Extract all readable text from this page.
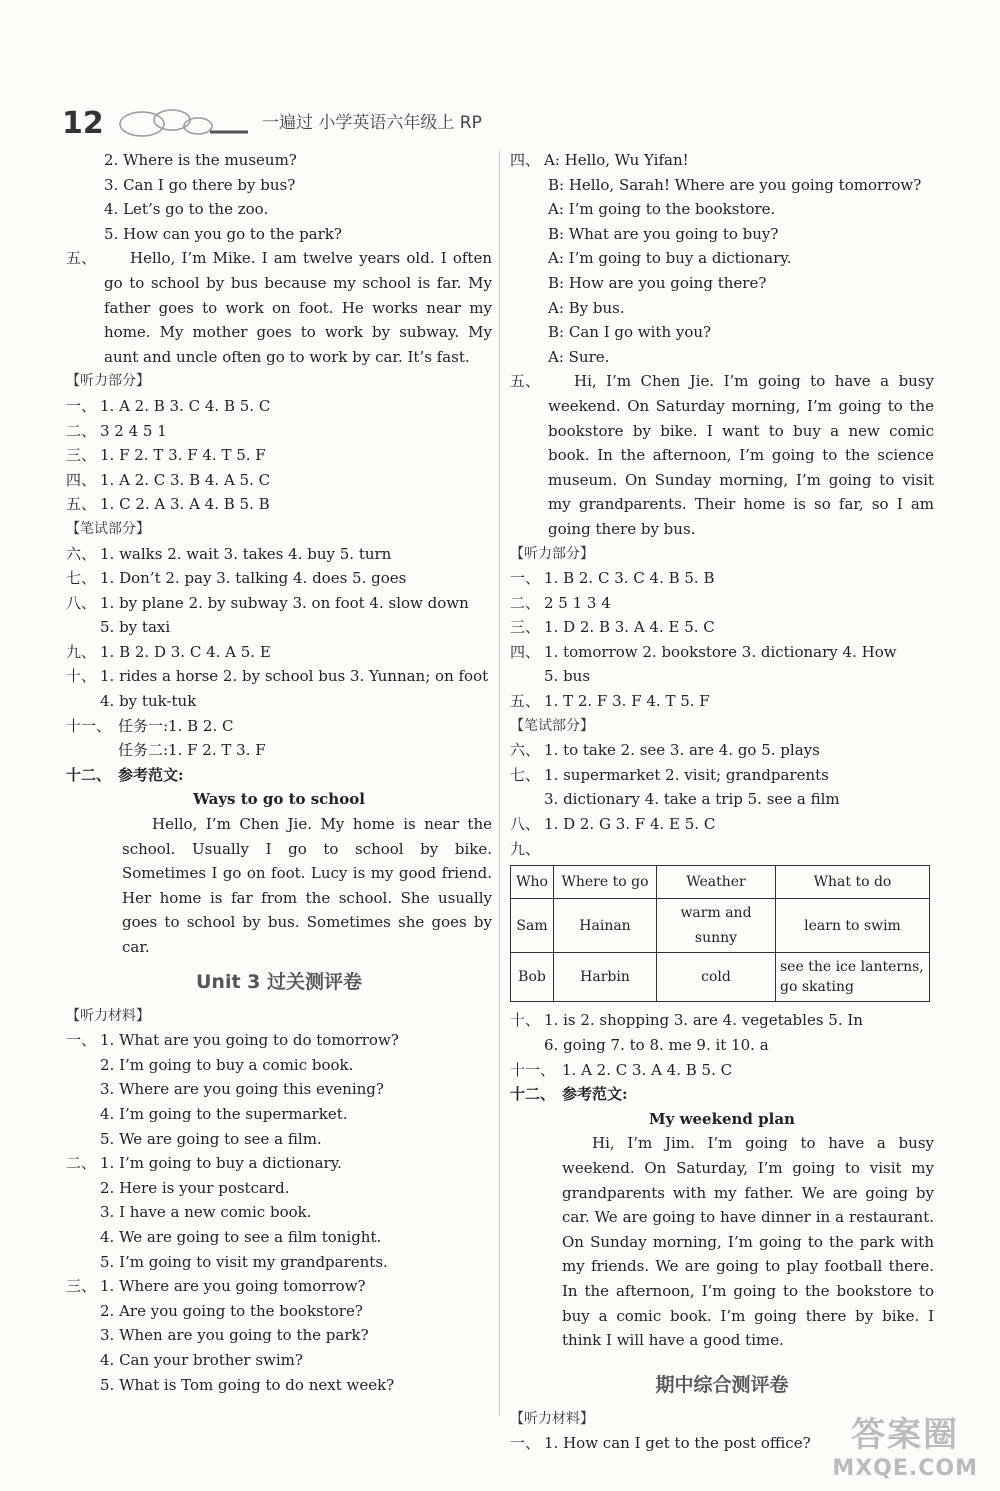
12	一遍过 小学英语六年级上 RP
2. Where is the museum?
3. Can I go there by bus?
4. Let’s go to the zoo.
5. How can you go to the park?
五、	Hello, I’m Mike. I am twelve years old. I often go to school by bus because my school is far. My father goes to work on foot. He works near my home. My mother goes to work by subway. My aunt and uncle often go to work by car. It’s fast.
【听力部分】
一、 1. A 2. B 3. C 4. B 5. C
二、 3 2 4 5 1
三、 1. F 2. T 3. F 4. T 5. F
四、 1. A 2. C 3. B 4. A 5. C
五、 1. C 2. A 3. A 4. B 5. B
【笔试部分】
六、 1. walks 2. wait 3. takes 4. buy 5. turn
七、 1. Don’t 2. pay 3. talking 4. does 5. goes
八、 1. by plane 2. by subway 3. on foot 4. slow down
5. by taxi
九、 1. B 2. D 3. C 4. A 5. E
十、 1. rides a horse 2. by school bus 3. Yunnan; on foot
4. by tuk-tuk
十一、 任务一:1. B 2. C
任务二:1. F 2. T 3. F
十二、 参考范文:
Ways to go to school
Hello, I’m Chen Jie. My home is near the school. Usually I go to school by bike. Sometimes I go on foot. Lucy is my good friend. Her home is far from the school. She usually goes to school by bus. Sometimes she goes by car.
Unit 3 过关测评卷
【听力材料】
一、 1. What are you going to do tomorrow?
2. I’m going to buy a comic book.
3. Where are you going this evening?
4. I’m going to the supermarket.
5. We are going to see a film.
二、 1. I’m going to buy a dictionary.
2. Here is your postcard.
3. I have a new comic book.
4. We are going to see a film tonight.
5. I’m going to visit my grandparents.
三、 1. Where are you going tomorrow?
2. Are you going to the bookstore?
3. When are you going to the park?
4. Can your brother swim?
5. What is Tom going to do next week?
四、 A: Hello, Wu Yifan!
B: Hello, Sarah! Where are you going tomorrow?
A: I’m going to the bookstore.
B: What are you going to buy?
A: I’m going to buy a dictionary.
B: How are you going there?
A: By bus.
B: Can I go with you?
A: Sure.
五、	Hi, I’m Chen Jie. I’m going to have a busy weekend. On Saturday morning, I’m going to the bookstore by bike. I want to buy a new comic book. In the afternoon, I’m going to the science museum. On Sunday morning, I’m going to visit my grandparents. Their home is so far, so I am going there by bus.
【听力部分】
一、 1. B 2. C 3. C 4. B 5. B
二、 2 5 1 3 4
三、 1. D 2. B 3. A 4. E 5. C
四、 1. tomorrow 2. bookstore 3. dictionary 4. How
5. bus
五、 1. T 2. F 3. F 4. T 5. F
【笔试部分】
六、 1. to take 2. see 3. are 4. go 5. plays
七、 1. supermarket 2. visit; grandparents
3. dictionary 4. take a trip 5. see a film
八、 1. D 2. G 3. F 4. E 5. C
九、
Who	Where to go	Weather	What to do
Sam	Hainan	warm and sunny	learn to swim
Bob	Harbin	cold	see the ice lanterns, go skating
十、 1. is 2. shopping 3. are 4. vegetables 5. In
6. going 7. to 8. me 9. it 10. a
十一、 1. A 2. C 3. A 4. B 5. C
十二、 参考范文:
My weekend plan
Hi, I’m Jim. I’m going to have a busy weekend. On Saturday, I’m going to visit my grandparents with my father. We are going by car. We are going to have dinner in a restaurant. On Sunday morning, I’m going to the park with my friends. We are going to play football there. In the afternoon, I’m going to the bookstore to buy a comic book. I’m going there by bike. I think I will have a good time.
期中综合测评卷
【听力材料】
一、 1. How can I get to the post office?	答案圈
MXQE.COM
